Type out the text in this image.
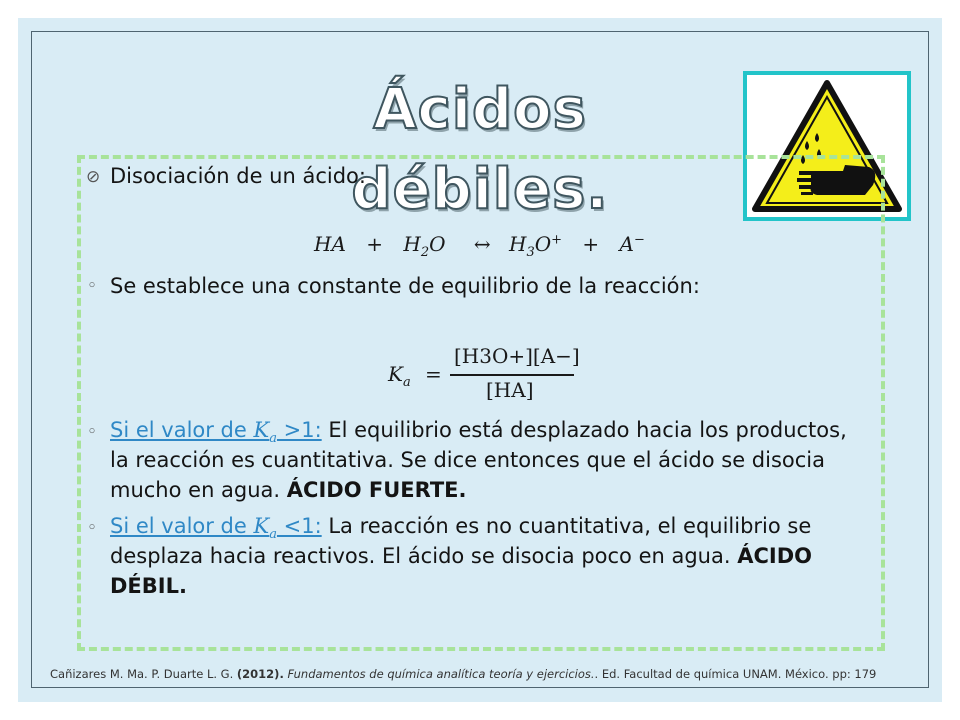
Ácidos débiles.
⊘ Disociación de un ácido:
HA + $H_2O$ ↔ $H_3O^+ + A^-$
◦ Se establece una constante de equilibrio de la reacción:
$K_a$ =
[H3O+][A−]
[HA]
◦ Si el valor de $K_a >1$: El equilibrio está desplazado hacia los productos,
la reacción es cuantitativa. Se dice entonces que el ácido se disocia
mucho en agua. ÁCIDO FUERTE.
◦ Si el valor de $K_a <1$: La reacción es no cuantitativa, el equilibrio se
desplaza hacia reactivos. El ácido se disocia poco en agua. ÁCIDO
DÉBIL.
Cañizares M. Ma. P. Duarte L. G. (2012). Fundamentos de química analítica teoría y ejercicios.. Ed. Facultad de química UNAM. México. pp: 179
